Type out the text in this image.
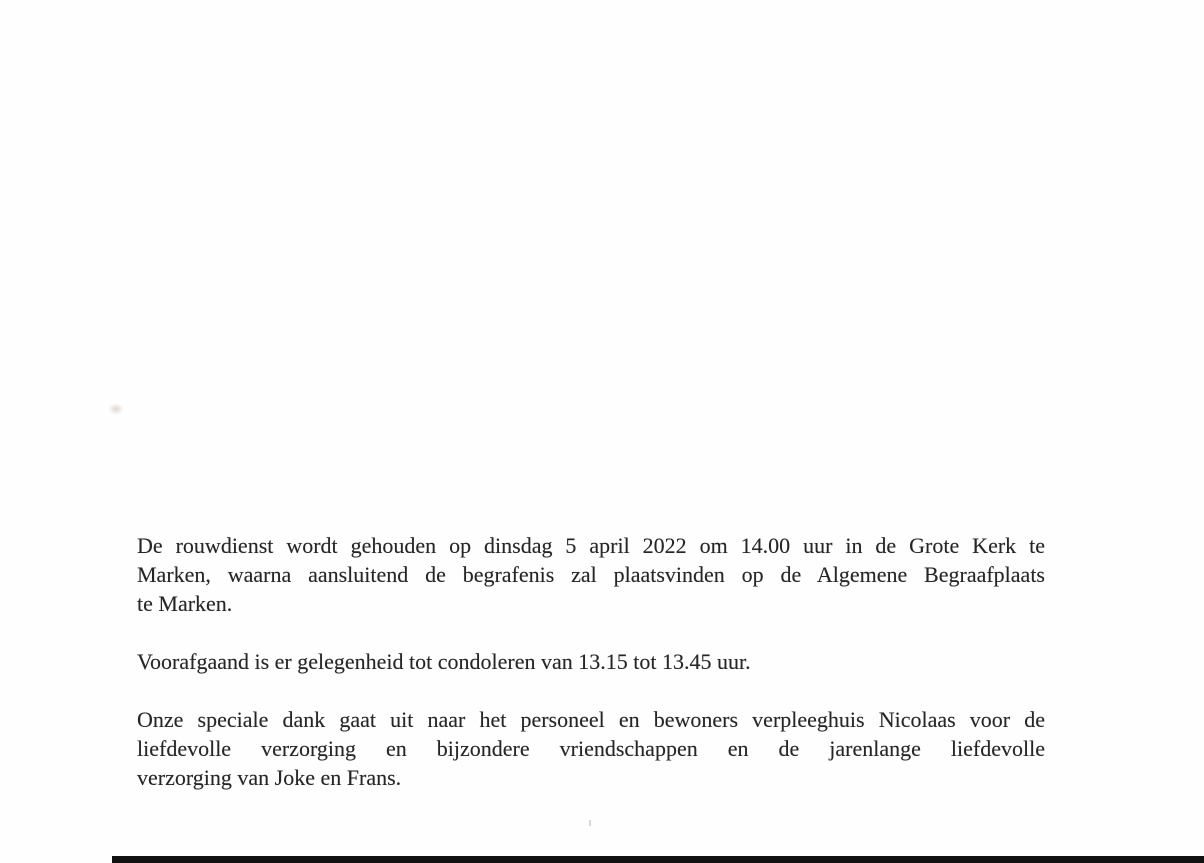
De rouwdienst wordt gehouden op dinsdag 5 april 2022 om 14.00 uur in de Grote Kerk te
Marken, waarna aansluitend de begrafenis zal plaatsvinden op de Algemene Begraafplaats
te Marken.

Voorafgaand is er gelegenheid tot condoleren van 13.15 tot 13.45 uur.

Onze speciale dank gaat uit naar het personeel en bewoners verpleeghuis Nicolaas voor de
liefdevolle verzorging en bijzondere vriendschappen en de jarenlange liefdevolle
verzorging van Joke en Frans.
